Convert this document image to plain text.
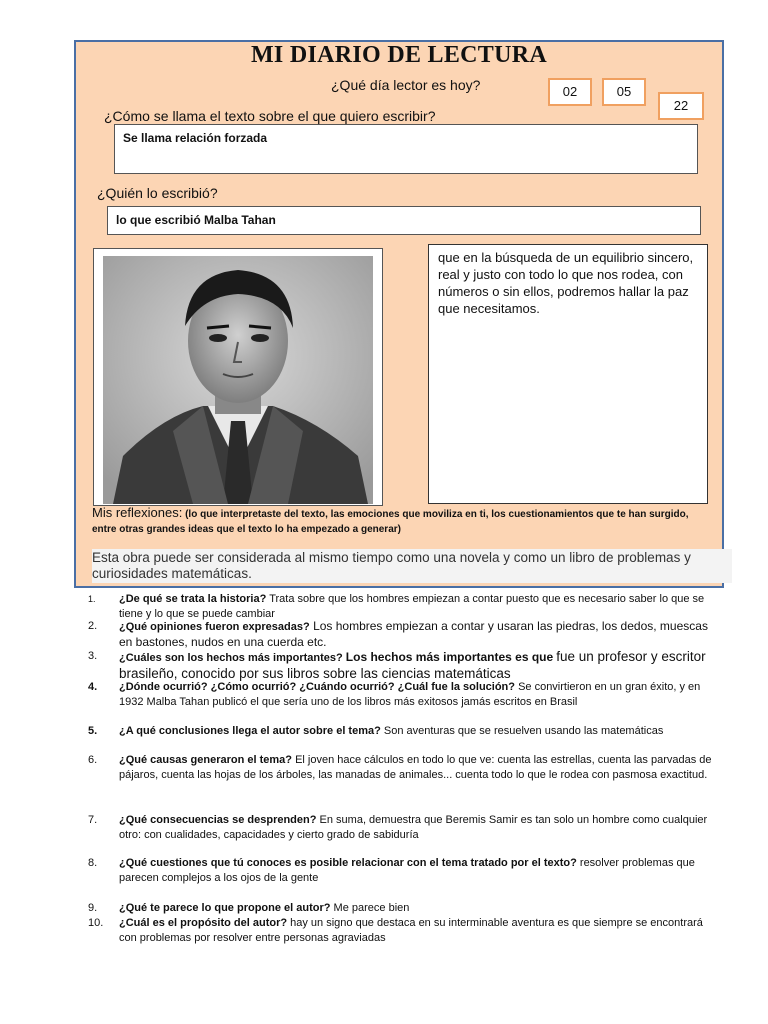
MI DIARIO DE LECTURA
¿Qué día lector es hoy?	02	05
22
¿Cómo se llama el texto sobre el que quiero escribir?
Se llama relación forzada
¿Quién lo escribió?
lo que escribió Malba Tahan
que en la búsqueda de un equilibrio sincero, real y justo con todo lo que nos rodea, con números o sin ellos, podremos hallar la paz que necesitamos.
Mis reflexiones: (lo que interpretaste del texto, las emociones que moviliza en ti, los cuestionamientos que te han surgido, entre otras grandes ideas que el texto lo ha empezado a generar)
Esta obra puede ser considerada al mismo tiempo como una novela y como un libro de problemas y curiosidades matemáticas.
1.	¿De qué se trata la historia? Trata sobre que los hombres empiezan a contar puesto que es necesario saber lo que se tiene y lo que se puede cambiar
2.	¿Qué opiniones fueron expresadas? Los hombres empiezan a contar y usaran las piedras, los dedos, muescas en bastones, nudos en una cuerda etc.
3.	¿Cuáles son los hechos más importantes? Los hechos más importantes es que fue un profesor y escritor brasileño, conocido por sus libros sobre las ciencias matemáticas
4.	¿Dónde ocurrió? ¿Cómo ocurrió? ¿Cuándo ocurrió? ¿Cuál fue la solución? Se convirtieron en un gran éxito, y en 1932 Malba Tahan publicó el que sería uno de los libros más exitosos jamás escritos en Brasil
5.	¿A qué conclusiones llega el autor sobre el tema? Son aventuras que se resuelven usando las matemáticas
6.	¿Qué causas generaron el tema? El joven hace cálculos en todo lo que ve: cuenta las estrellas, cuenta las parvadas de pájaros, cuenta las hojas de los árboles, las manadas de animales... cuenta todo lo que le rodea con pasmosa exactitud.
7.	¿Qué consecuencias se desprenden? En suma, demuestra que Beremis Samir es tan solo un hombre como cualquier otro: con cualidades, capacidades y cierto grado de sabiduría
8.	¿Qué cuestiones que tú conoces es posible relacionar con el tema tratado por el texto? resolver problemas que parecen complejos a los ojos de la gente
9.	¿Qué te parece lo que propone el autor? Me parece bien
10.	¿Cuál es el propósito del autor? hay un signo que destaca en su interminable aventura es que siempre se encontrará con problemas por resolver entre personas agraviadas
